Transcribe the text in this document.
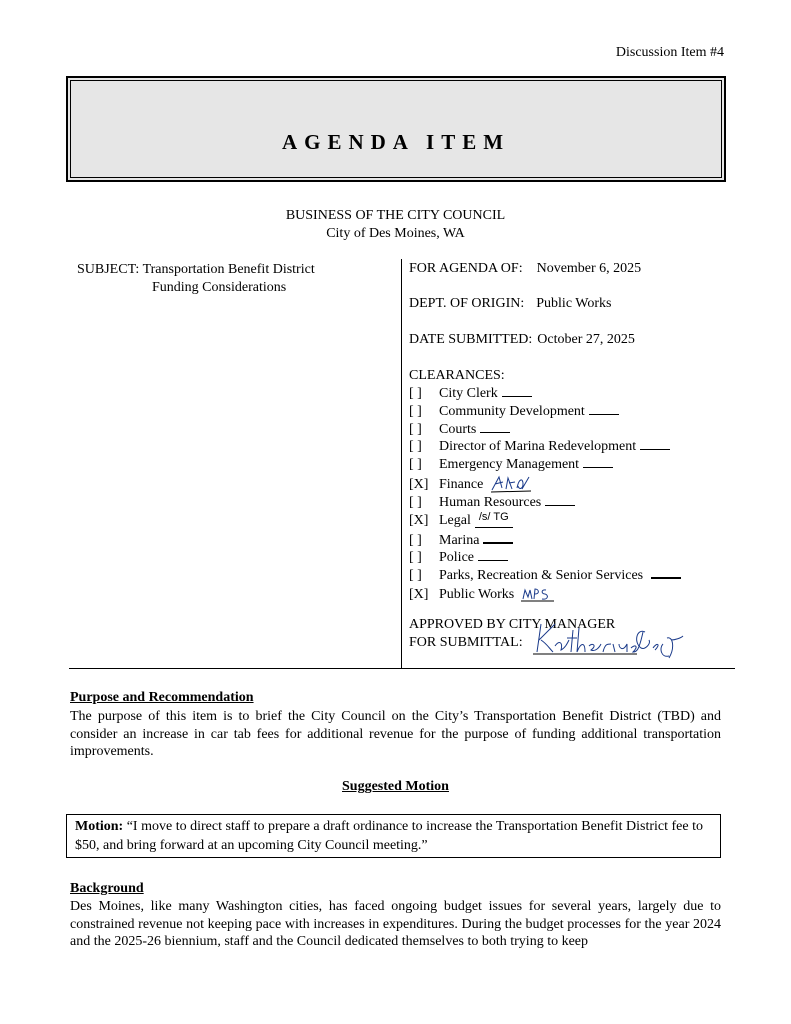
Discussion Item #4
AGENDA ITEM
BUSINESS OF THE CITY COUNCIL
City of Des Moines, WA
SUBJECT: Transportation Benefit District
Funding Considerations
FOR AGENDA OF: November 6, 2025
DEPT. OF ORIGIN: Public Works
DATE SUBMITTED: October 27, 2025
CLEARANCES:
[ ] City Clerk
[ ] Community Development
[ ] Courts
[ ] Director of Marina Redevelopment
[ ] Emergency Management
[X] Finance
[ ] Human Resources
[X] Legal /s/ TG
[ ] Marina
[ ] Police
[ ] Parks, Recreation & Senior Services
[X] Public Works
APPROVED BY CITY MANAGER
FOR SUBMITTAL:
Purpose and Recommendation
The purpose of this item is to brief the City Council on the City’s Transportation Benefit District (TBD) and consider an increase in car tab fees for additional revenue for the purpose of funding additional transportation improvements.
Suggested Motion
Motion: “I move to direct staff to prepare a draft ordinance to increase the Transportation Benefit District fee to $50, and bring forward at an upcoming City Council meeting.”
Background
Des Moines, like many Washington cities, has faced ongoing budget issues for several years, largely due to constrained revenue not keeping pace with increases in expenditures. During the budget processes for the year 2024 and the 2025-26 biennium, staff and the Council dedicated themselves to both trying to keep
